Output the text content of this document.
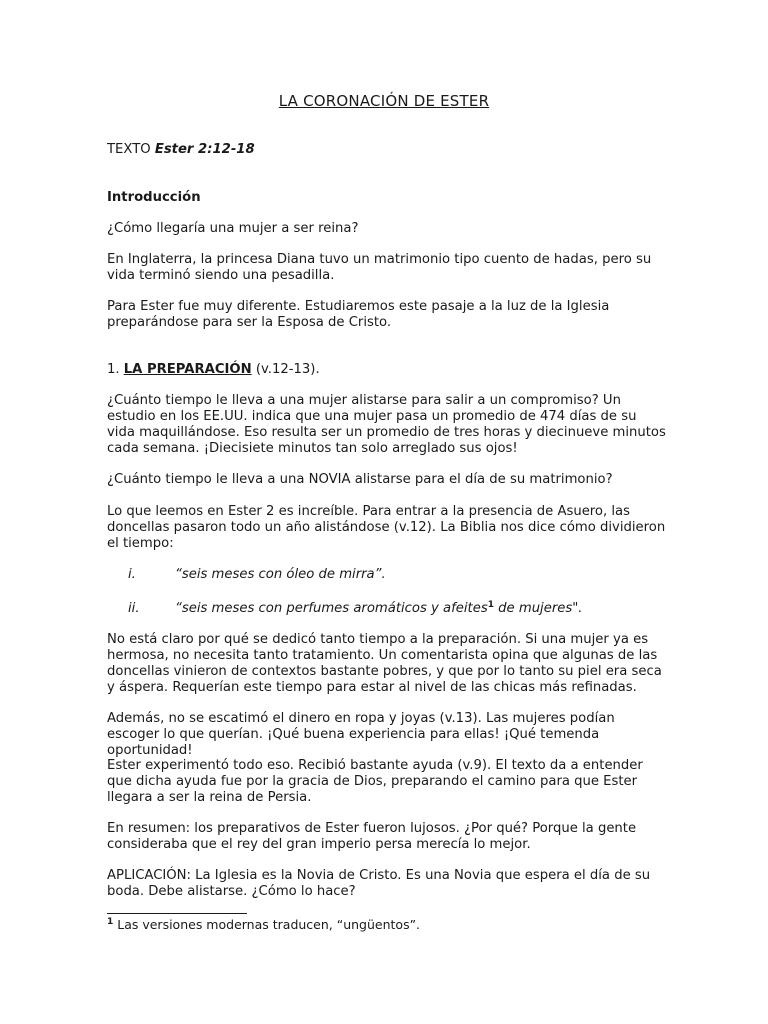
LA CORONACIÓN DE ESTER

TEXTO Ester 2:12-18

Introducción

¿Cómo llegaría una mujer a ser reina?

En Inglaterra, la princesa Diana tuvo un matrimonio tipo cuento de hadas, pero su vida terminó siendo una pesadilla.

Para Ester fue muy diferente. Estudiaremos este pasaje a la luz de la Iglesia preparándose para ser la Esposa de Cristo.

1. LA PREPARACIÓN (v.12-13).

¿Cuánto tiempo le lleva a una mujer alistarse para salir a un compromiso? Un estudio en los EE.UU. indica que una mujer pasa un promedio de 474 días de su vida maquillándose. Eso resulta ser un promedio de tres horas y diecinueve minutos cada semana. ¡Diecisiete minutos tan solo arreglado sus ojos!

¿Cuánto tiempo le lleva a una NOVIA alistarse para el día de su matrimonio?

Lo que leemos en Ester 2 es increíble. Para entrar a la presencia de Asuero, las doncellas pasaron todo un año alistándose (v.12). La Biblia nos dice cómo dividieron el tiempo:

i.	“seis meses con óleo de mirra”.
ii.	“seis meses con perfumes aromáticos y afeites$^1$ de mujeres".

No está claro por qué se dedicó tanto tiempo a la preparación. Si una mujer ya es hermosa, no necesita tanto tratamiento. Un comentarista opina que algunas de las doncellas vinieron de contextos bastante pobres, y que por lo tanto su piel era seca y áspera. Requerían este tiempo para estar al nivel de las chicas más refinadas.

Además, no se escatimó el dinero en ropa y joyas (v.13). Las mujeres podían escoger lo que querían. ¡Qué buena experiencia para ellas! ¡Qué temenda oportunidad!

Ester experimentó todo eso. Recibió bastante ayuda (v.9). El texto da a entender que dicha ayuda fue por la gracia de Dios, preparando el camino para que Ester llegara a ser la reina de Persia.

En resumen: los preparativos de Ester fueron lujosos. ¿Por qué? Porque la gente consideraba que el rey del gran imperio persa merecía lo mejor.

APLICACIÓN: La Iglesia es la Novia de Cristo. Es una Novia que espera el día de su boda. Debe alistarse. ¿Cómo lo hace?

$^1$ Las versiones modernas traducen, “ungüentos”.
